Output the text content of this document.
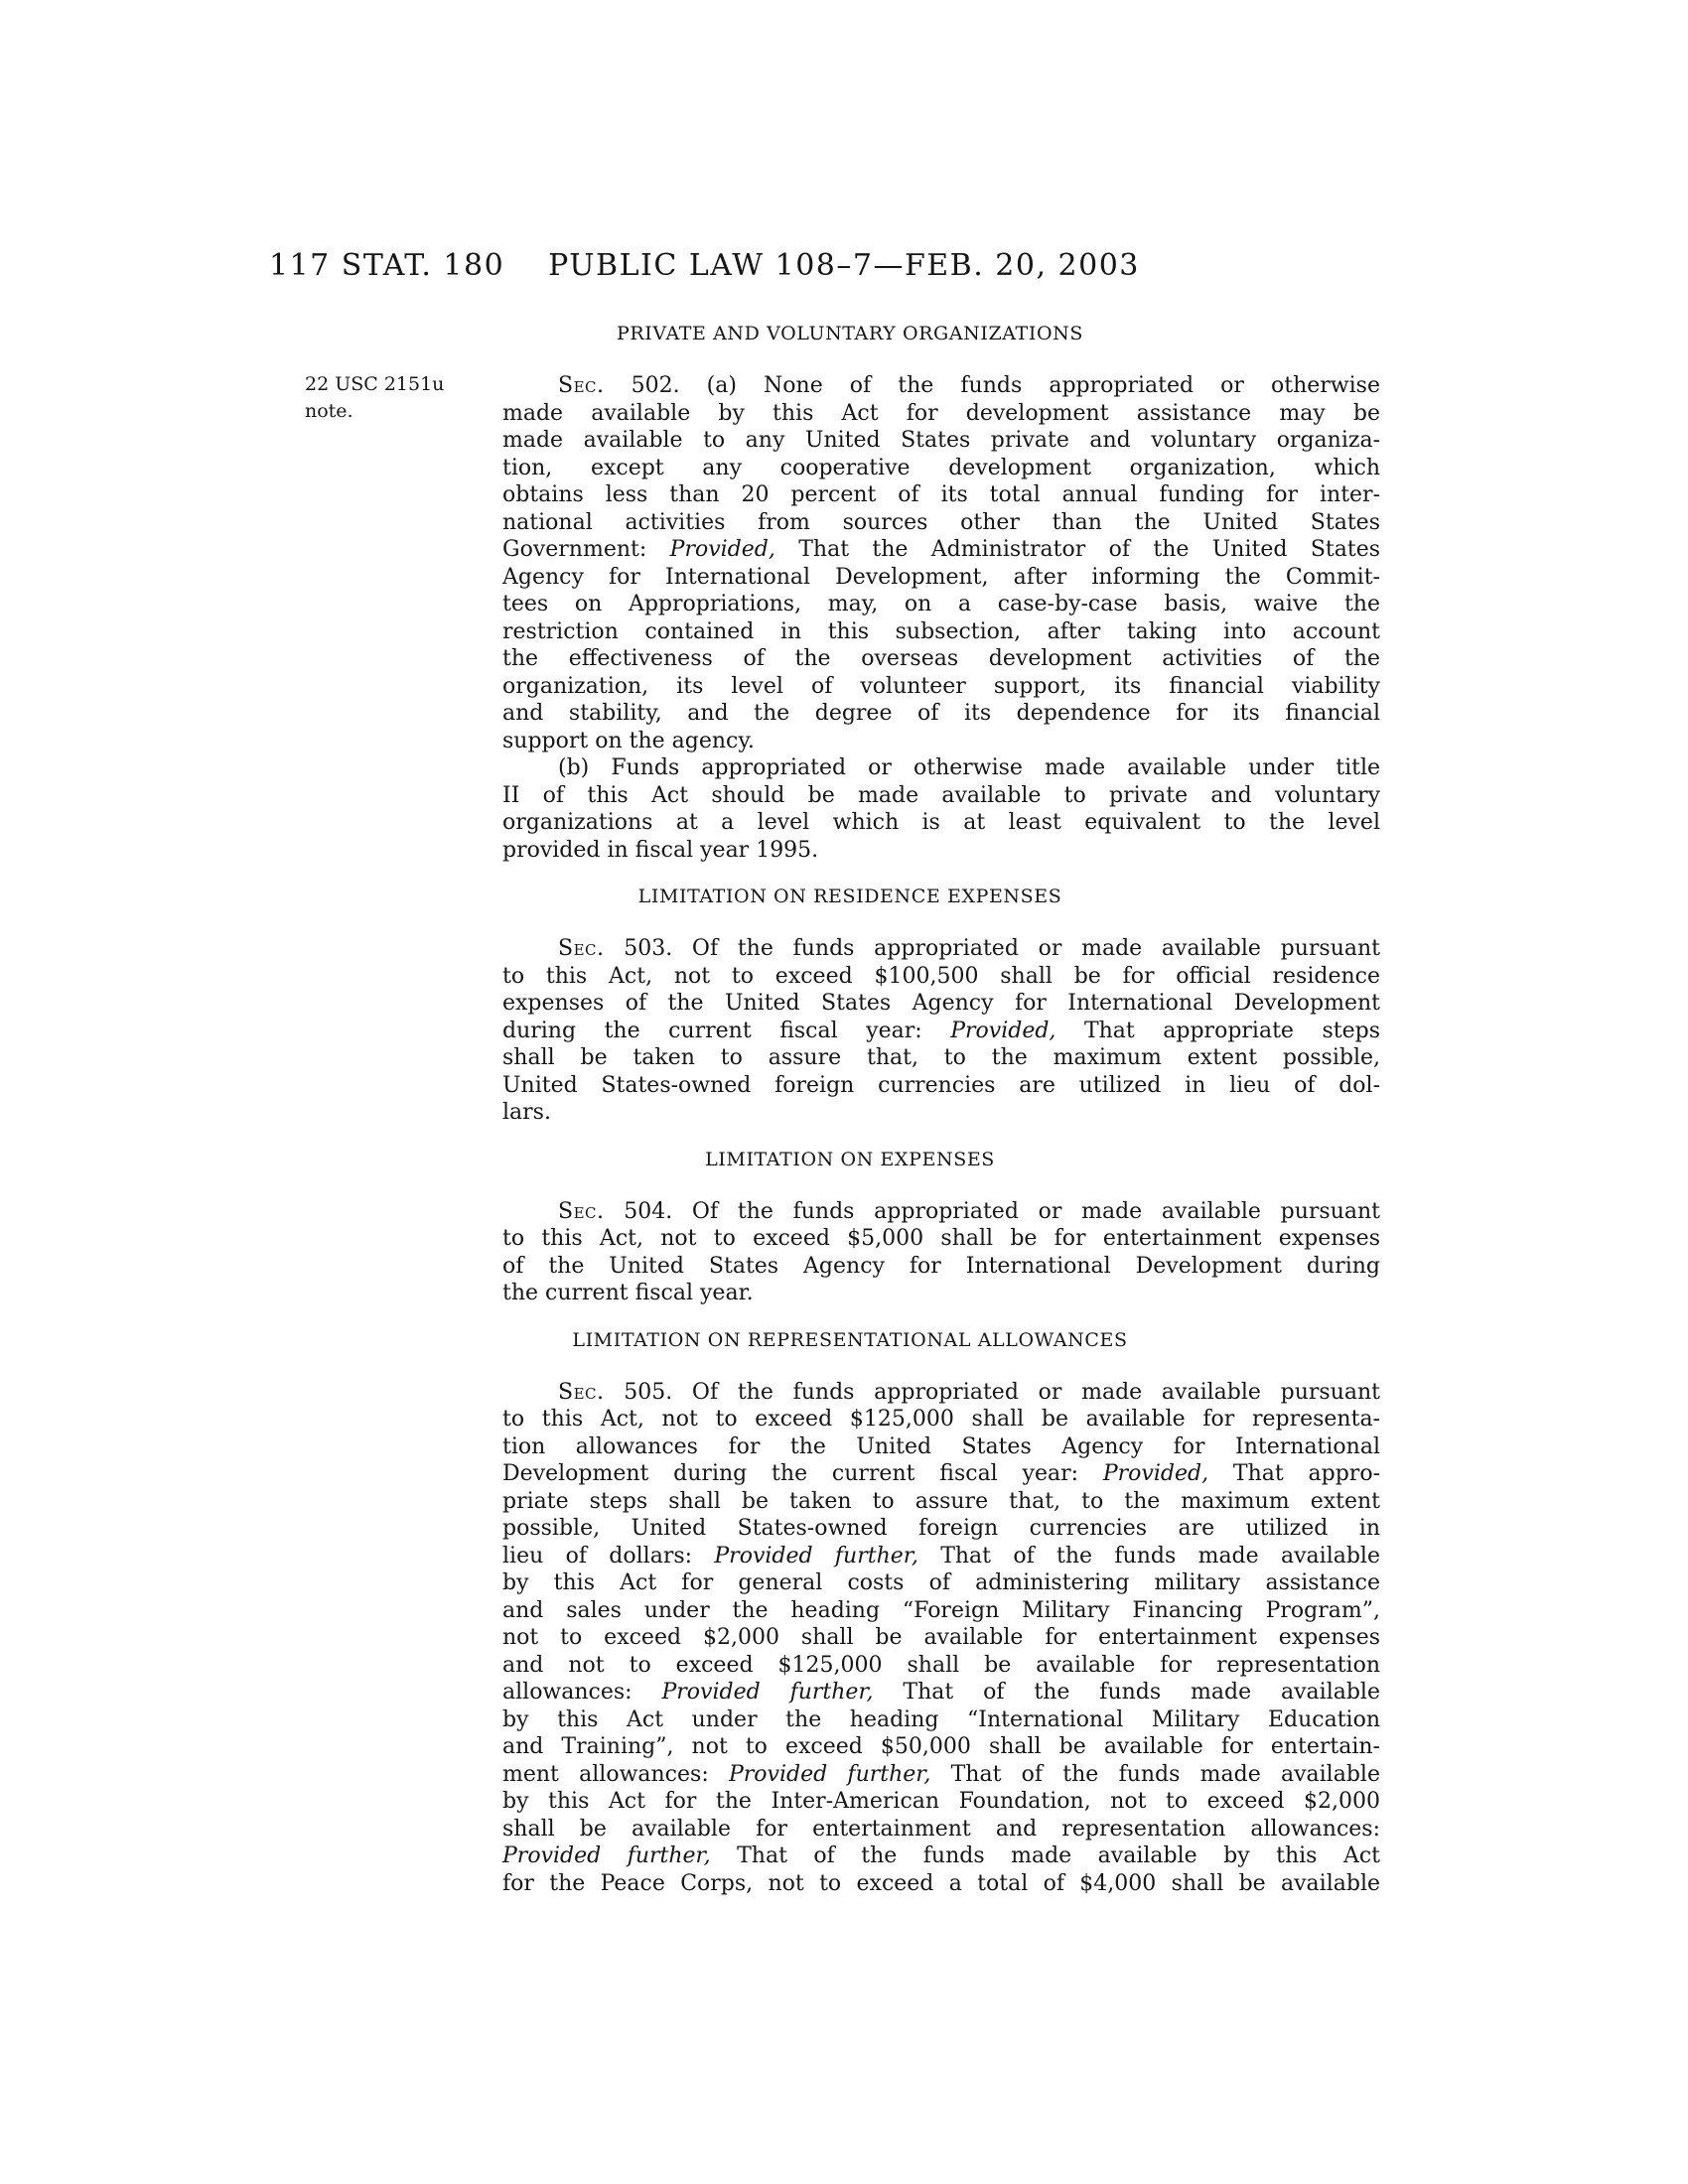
117 STAT. 180	PUBLIC LAW 108–7—FEB. 20, 2003
22 USC 2151u note.
PRIVATE AND VOLUNTARY ORGANIZATIONS
Sec. 502. (a) None of the funds appropriated or otherwise
made available by this Act for development assistance may be
made available to any United States private and voluntary organiza-
tion, except any cooperative development organization, which
obtains less than 20 percent of its total annual funding for inter-
national activities from sources other than the United States
Government: Provided, That the Administrator of the United States
Agency for International Development, after informing the Commit-
tees on Appropriations, may, on a case-by-case basis, waive the
restriction contained in this subsection, after taking into account
the effectiveness of the overseas development activities of the
organization, its level of volunteer support, its financial viability
and stability, and the degree of its dependence for its financial
support on the agency.
(b) Funds appropriated or otherwise made available under title
II of this Act should be made available to private and voluntary
organizations at a level which is at least equivalent to the level
provided in fiscal year 1995.
LIMITATION ON RESIDENCE EXPENSES
Sec. 503. Of the funds appropriated or made available pursuant
to this Act, not to exceed $100,500 shall be for official residence
expenses of the United States Agency for International Development
during the current fiscal year: Provided, That appropriate steps
shall be taken to assure that, to the maximum extent possible,
United States-owned foreign currencies are utilized in lieu of dol-
lars.
LIMITATION ON EXPENSES
Sec. 504. Of the funds appropriated or made available pursuant
to this Act, not to exceed $5,000 shall be for entertainment expenses
of the United States Agency for International Development during
the current fiscal year.
LIMITATION ON REPRESENTATIONAL ALLOWANCES
Sec. 505. Of the funds appropriated or made available pursuant
to this Act, not to exceed $125,000 shall be available for representa-
tion allowances for the United States Agency for International
Development during the current fiscal year: Provided, That appro-
priate steps shall be taken to assure that, to the maximum extent
possible, United States-owned foreign currencies are utilized in
lieu of dollars: Provided further, That of the funds made available
by this Act for general costs of administering military assistance
and sales under the heading “Foreign Military Financing Program”,
not to exceed $2,000 shall be available for entertainment expenses
and not to exceed $125,000 shall be available for representation
allowances: Provided further, That of the funds made available
by this Act under the heading “International Military Education
and Training”, not to exceed $50,000 shall be available for entertain-
ment allowances: Provided further, That of the funds made available
by this Act for the Inter-American Foundation, not to exceed $2,000
shall be available for entertainment and representation allowances:
Provided further, That of the funds made available by this Act
for the Peace Corps, not to exceed a total of $4,000 shall be available
